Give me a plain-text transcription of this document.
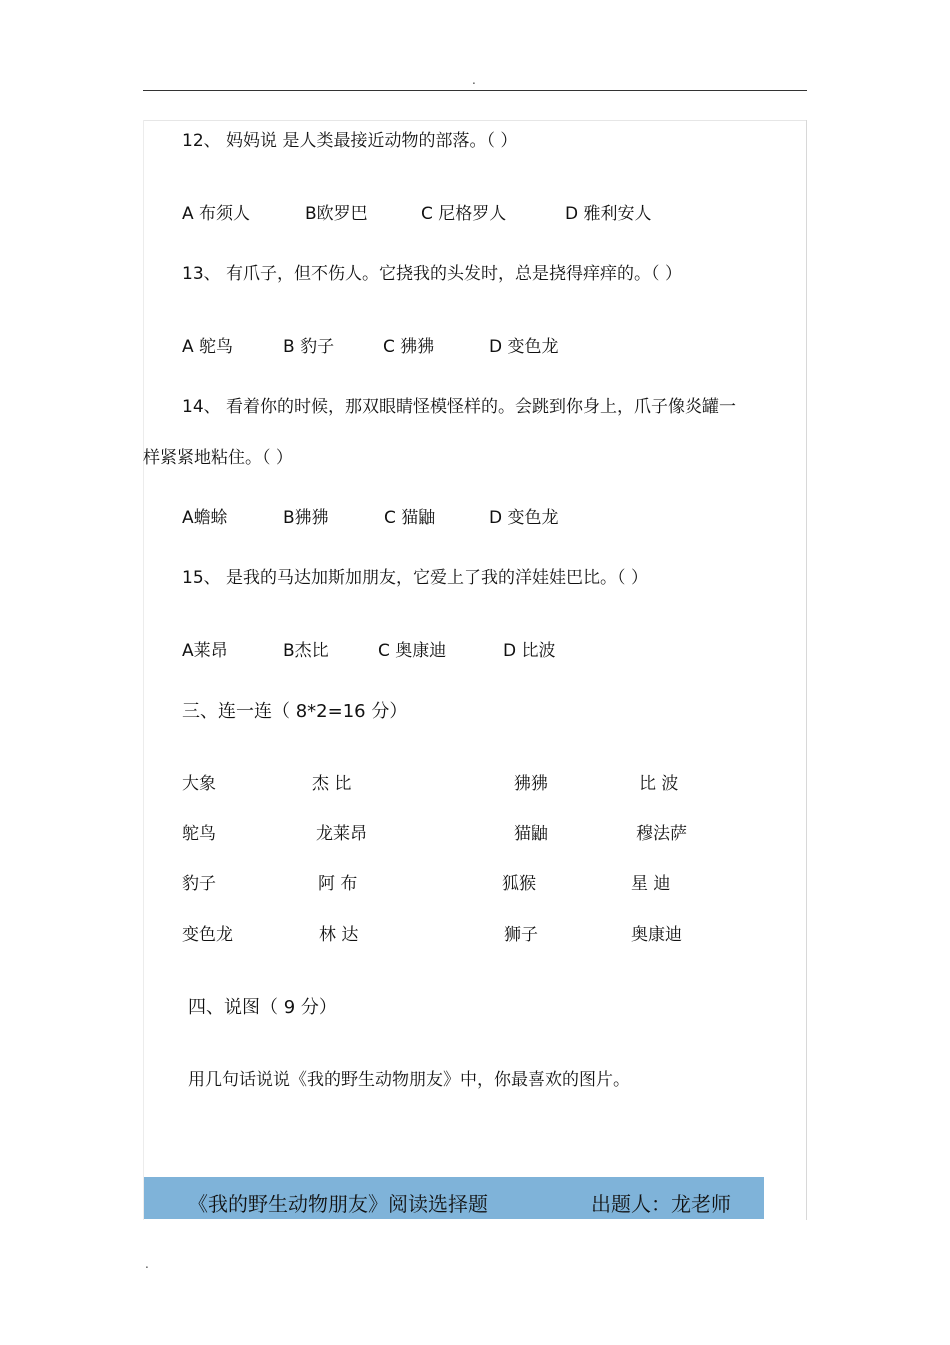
.
12、 妈妈说 是人类最接近动物的部落。（ ）
A 布须人	B欧罗巴	C 尼格罗人	D 雅利安人
13、 有爪子，但不伤人。它挠我的头发时，总是挠得痒痒的。（ ）
A 鸵鸟	B 豹子	C 狒狒	D 变色龙
14、 看着你的时候，那双眼睛怪模怪样的。会跳到你身上，爪子像炎罐一
样紧紧地粘住。（ ）
A蟾蜍	B狒狒	C 猫鼬	D 变色龙
15、 是我的马达加斯加朋友，它爱上了我的洋娃娃巴比。（ ）
A莱昂	B杰比	C 奥康迪	D 比波
三、连一连（ 8*2=16 分）
大象	杰 比	狒狒	比 波
鸵鸟	龙莱昂	猫鼬	穆法萨
豹子	阿 布	狐猴	星 迪
变色龙	林 达	狮子	奥康迪
四、说图（ 9 分）
用几句话说说《我的野生动物朋友》中，你最喜欢的图片。
《我的野生动物朋友》阅读选择题	出题人：龙老师
.
